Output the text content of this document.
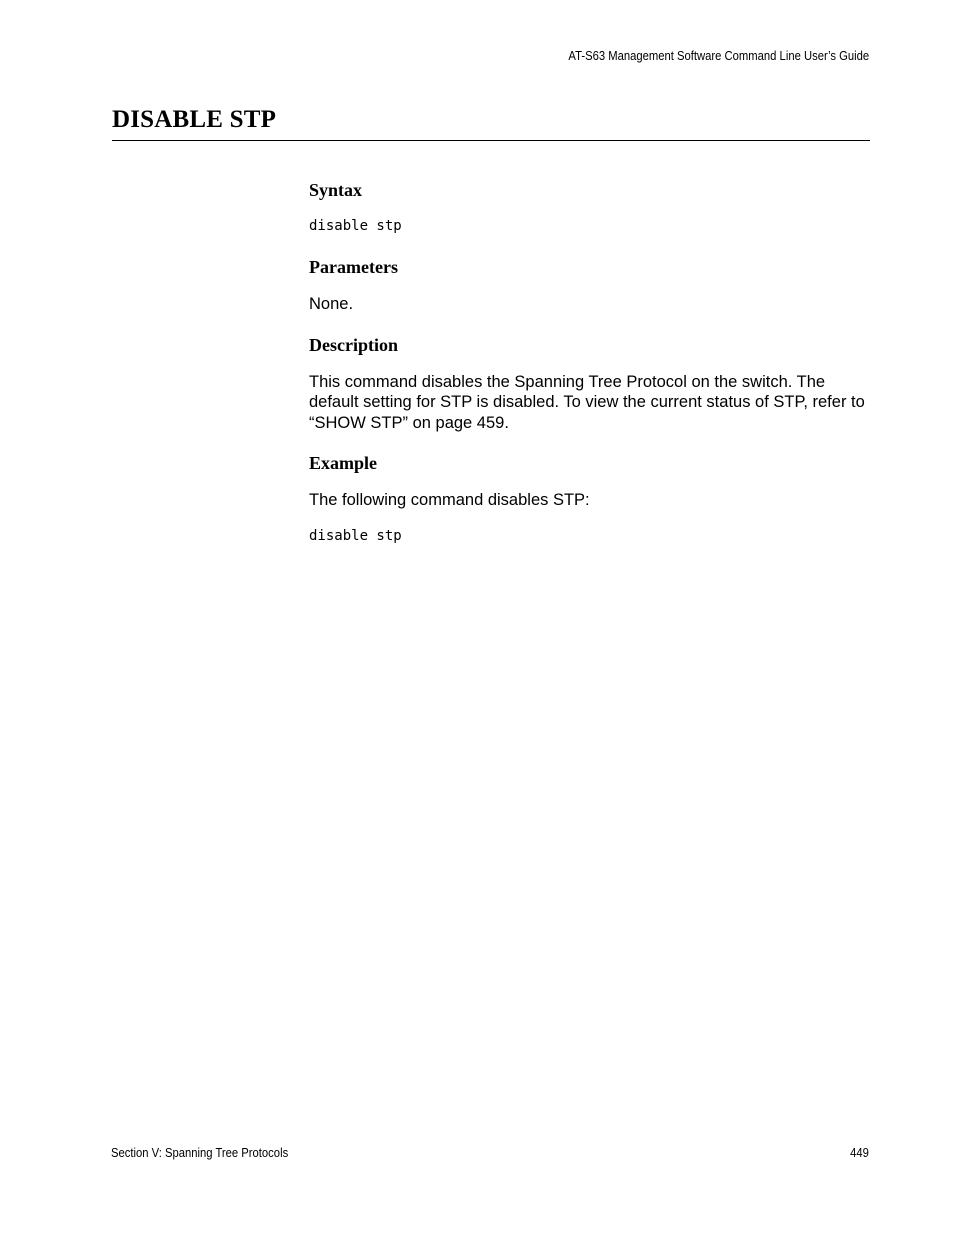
AT-S63 Management Software Command Line User’s Guide
DISABLE STP
Syntax
disable stp
Parameters

None.

Description

This command disables the Spanning Tree Protocol on the switch. The default setting for STP is disabled. To view the current status of STP, refer to “SHOW STP” on page 459.

Example

The following command disables STP:

disable stp
Section V: Spanning Tree Protocols	449
